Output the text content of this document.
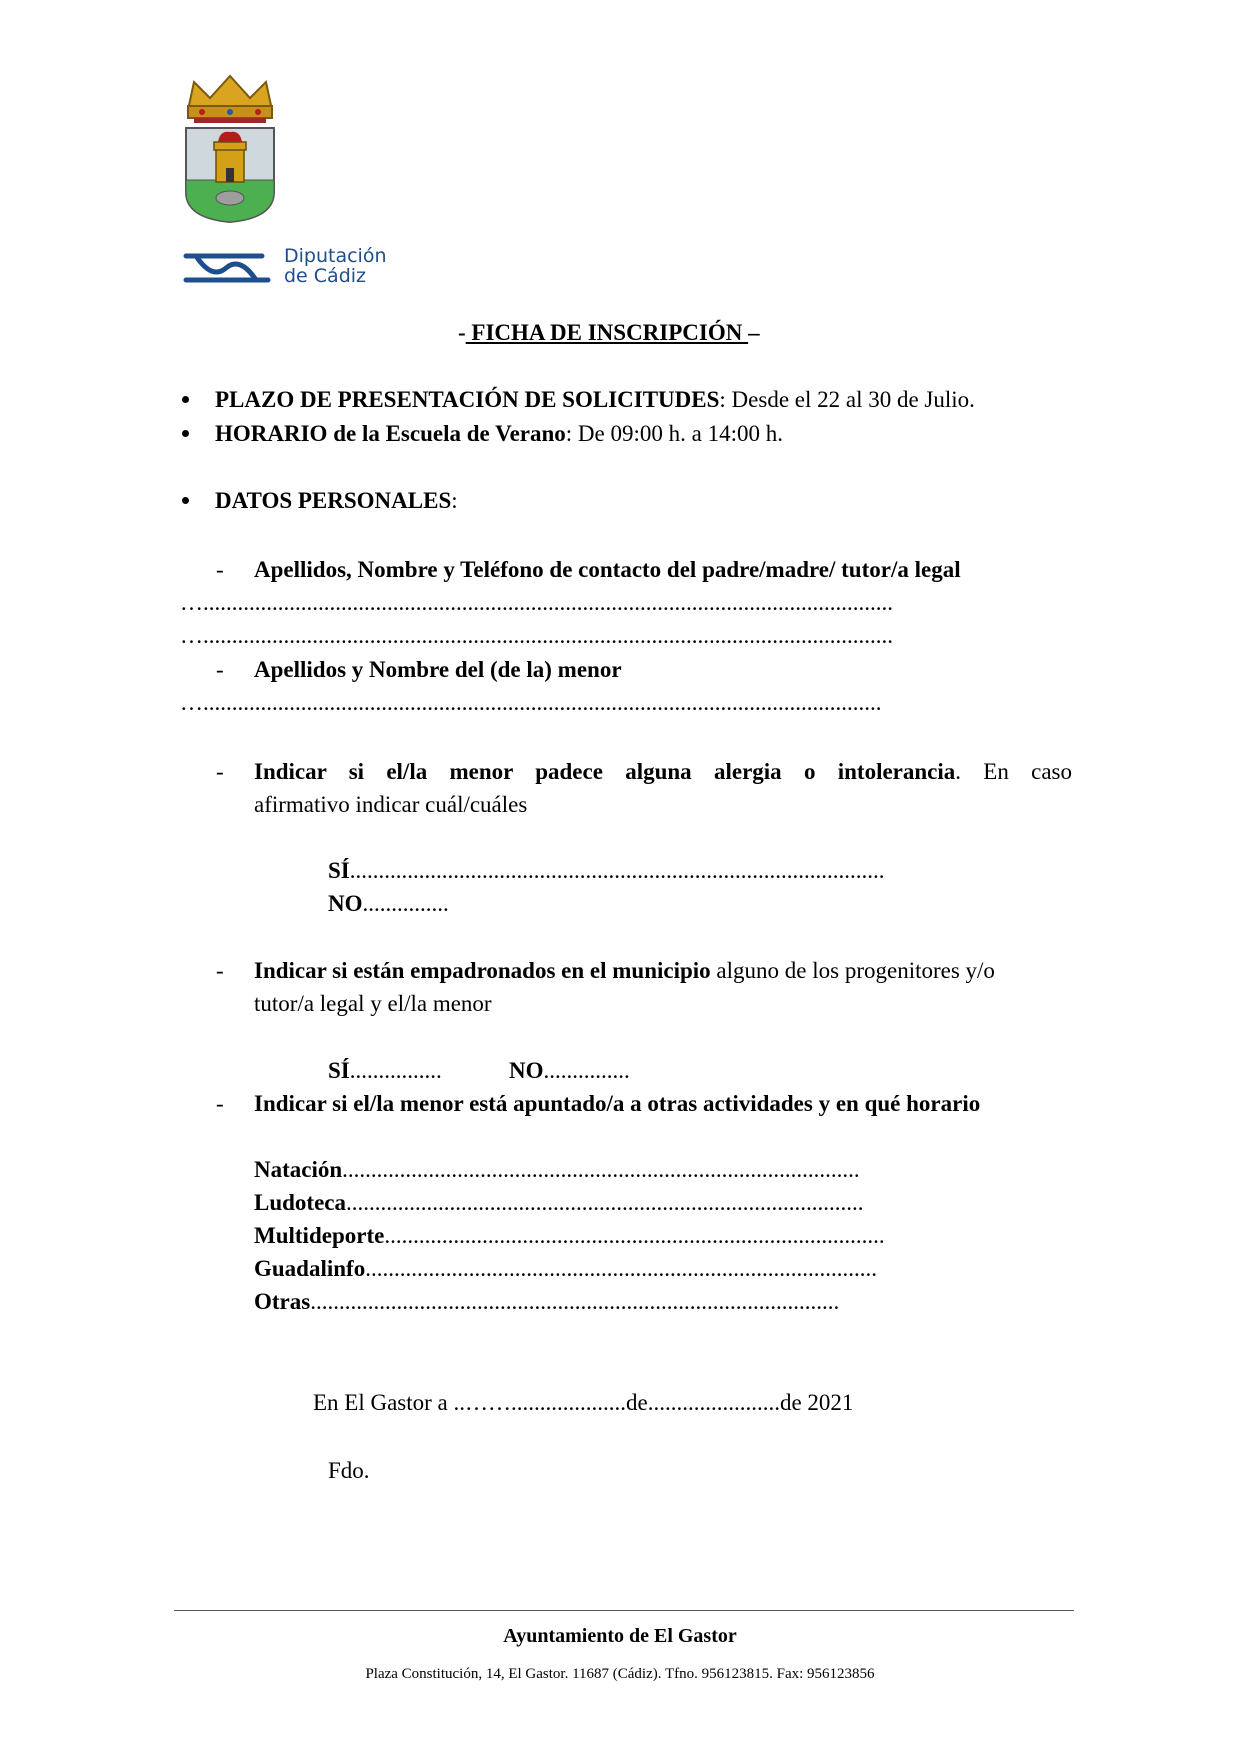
Diputación
de Cádiz
- FICHA DE INSCRIPCIÓN –
PLAZO DE PRESENTACIÓN DE SOLICITUDES: Desde el 22 al 30 de Julio.
HORARIO de la Escuela de Verano: De 09:00 h. a 14:00 h.
DATOS PERSONALES:
- Apellidos, Nombre y Teléfono de contacto del padre/madre/ tutor/a legal
…........................................................................................................................
…........................................................................................................................
- Apellidos y Nombre del (de la) menor
…......................................................................................................................
- Indicar si el/la menor padece alguna alergia o intolerancia. En caso
afirmativo indicar cuál/cuáles
SÍ.............................................................................................
NO...............
- Indicar si están empadronados en el municipio alguno de los progenitores y/o
tutor/a legal y el/la menor
SÍ................	NO...............
- Indicar si el/la menor está apuntado/a a otras actividades y en qué horario
Natación..........................................................................................
Ludoteca..........................................................................................
Multideporte.......................................................................................
Guadalinfo.........................................................................................
Otras............................................................................................
En El Gastor a ..……....................de.......................de 2021
Fdo.
Ayuntamiento de El Gastor
Plaza Constitución, 14, El Gastor. 11687 (Cádiz). Tfno. 956123815. Fax: 956123856
